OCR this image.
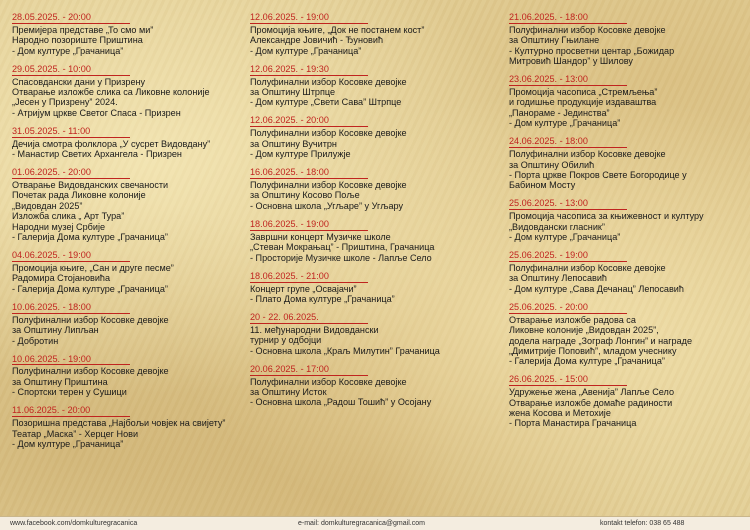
28.05.2025. - 20:00
Премијера представе „То смо ми”
Народно позориште Приштина
- Дом културе „Грачаница”
29.05.2025. - 10:00
Спасовдански дани у Призрену
Отварање изложбе слика са Ликовне колоније
„Јесен у Призрену” 2024.
- Атријум цркве Светог Спаса - Призрен
31.05.2025. - 11:00
Дечија смотра фолклора „У сусрет Видовдану”
- Манастир Светих Архангела - Призрен
01.06.2025. - 20:00
Отварање Видовданских свечаности
Почетак рада Ликовне колоније
„Видовдан 2025”
Изложба слика „ Арт Тура”
Народни музеј Србије
- Галерија Дома културе „Грачаница”
04.06.2025. - 19:00
Промоција књиге, „Сан и друге песме”
Радомира Стојановића
- Галерија Дома културе „Грачаница”
10.06.2025. - 18:00
Полуфинални избор Косовке девојке
за Општину Липљан
- Добротин
10.06.2025. - 19:00
Полуфинални избор Косовке девојке
за Општину Приштина
- Спортски терен у Сушици
11.06.2025. - 20:00
Позоришна представа „Најбољи човјек на свијету”
Театар „Маска” - Херцег Нови
- Дом културе „Грачаница”
12.06.2025. - 19:00
Промоција књиге, „Док не постанем кост”
Александре Јовичић - Ђуновић
- Дом културе „Грачаница”
12.06.2025. - 19:30
Полуфинални избор Косовке девојке
за Општину Штрпце
- Дом културе „Свети Сава” Штрпце
12.06.2025. - 20:00
Полуфинални избор Косовке девојке
за Општину Вучитрн
- Дом културе Прилужје
16.06.2025. - 18:00
Полуфинални избор Косовке девојке
за Општину Косово Поље
- Основна школа „Угљаре” у Угљару
18.06.2025. - 19:00
Завршни концерт Музичке школе
„Стеван Мокрањац” - Приштина, Грачаница
- Просторије Музичке школе - Лапље Село
18.06.2025. - 21:00
Концерт групе „Освајачи”
- Плато Дома културе „Грачаница”
20 - 22. 06.2025.
11. међународни Видовдански
турнир у одбојци
- Основна школа „Краљ Милутин” Грачаница
20.06.2025. - 17:00
Полуфинални избор Косовке девојке
за Општину Исток
- Основна школа „Радош Тошић” у Осојану
21.06.2025. - 18:00
Полуфинални избор Косовке девојке
за Општину Гњилане
- Културно просветни центар „Божидар
Митровић Шандор” у Шилову
23.06.2025. - 13:00
Промоција часописа „Стремљења”
и годишње продукције издаваштва
„Панораме - Јединства”
- Дом културе „Грачаница”
24.06.2025. - 18:00
Полуфинални избор Косовке девојке
за Општину Обилић
- Порта цркве Покров Свете Богородице у
Бабином Мосту
25.06.2025. - 13:00
Промоција часописа за књижевност и културу
„Видовдански гласник”
- Дом културе „Грачаница”
25.06.2025. - 19:00
Полуфинални избор Косовке девојке
за Општину Лепосавић
- Дом културе „Сава Дечанац” Лепосавић
25.06.2025. - 20:00
Отварање изложбе радова са
Ликовне колоније „Видовдан 2025”,
додела награде „Зограф Лонгин” и награде
„Димитрије Поповић”, младом учеснику
- Галерија Дома културе „Грачаница”
26.06.2025. - 15:00
Удружење жена „Авенија” Лапље Село
Отварање изложбе домаће радиности
жена Косова и Метохије
- Порта Манастира Грачаница
www.facebook.com/domkulturegracanica	e-mail: domkulturegracanica@gmail.com	kontakt telefon: 038 65 488
